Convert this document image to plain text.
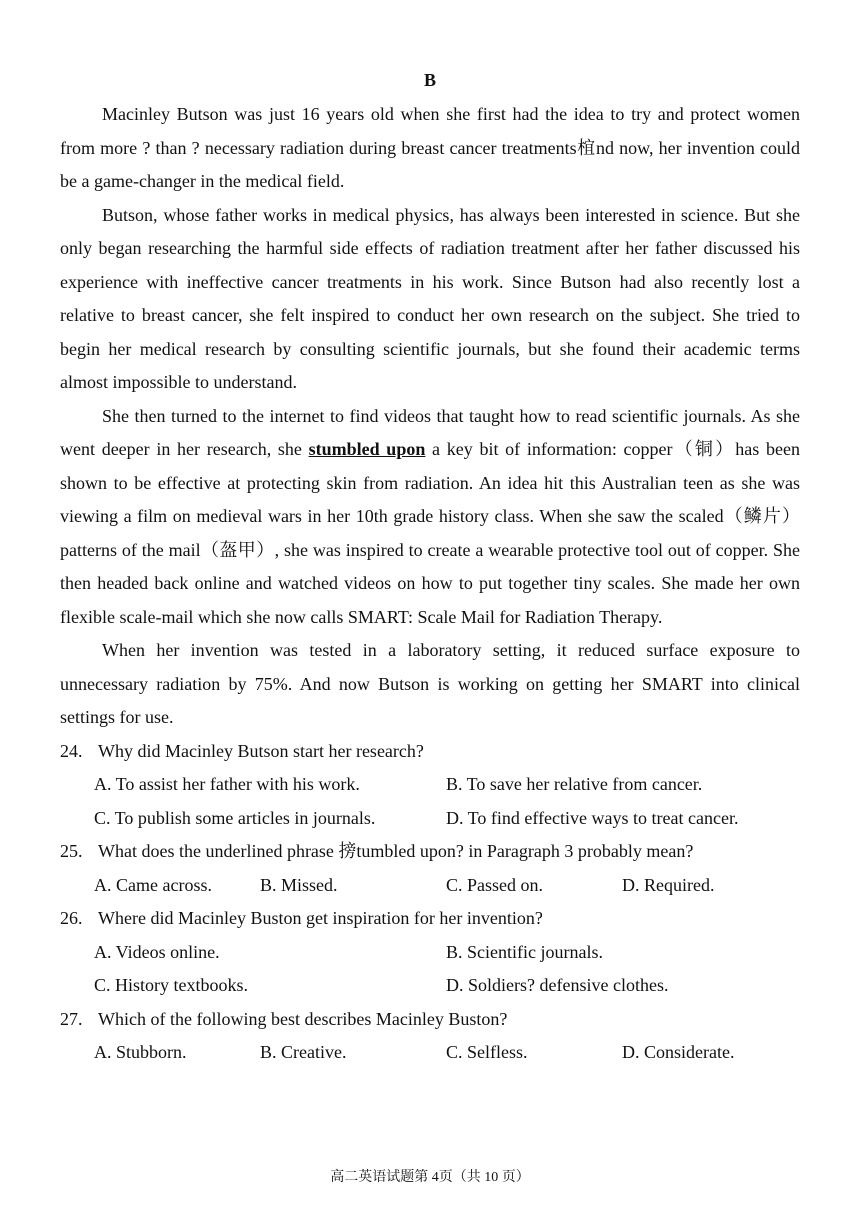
B

Macinley Butson was just 16 years old when she first had the idea to try and protect women from more ? than ? necessary radiation during breast cancer treatments椬nd now, her invention could be a game-changer in the medical field.

Butson, whose father works in medical physics, has always been interested in science. But she only began researching the harmful side effects of radiation treatment after her father discussed his experience with ineffective cancer treatments in his work. Since Butson had also recently lost a relative to breast cancer, she felt inspired to conduct her own research on the subject. She tried to begin her medical research by consulting scientific journals, but she found their academic terms almost impossible to understand.

She then turned to the internet to find videos that taught how to read scientific journals. As she went deeper in her research, she stumbled upon a key bit of information: copper（铜）has been shown to be effective at protecting skin from radiation. An idea hit this Australian teen as she was viewing a film on medieval wars in her 10th grade history class. When she saw the scaled（鳞片）patterns of the mail（盔甲）, she was inspired to create a wearable protective tool out of copper. She then headed back online and watched videos on how to put together tiny scales. She made her own flexible scale-mail which she now calls SMART: Scale Mail for Radiation Therapy.

When her invention was tested in a laboratory setting, it reduced surface exposure to unnecessary radiation by 75%. And now Butson is working on getting her SMART into clinical settings for use.

24. Why did Macinley Butson start her research?
A. To assist her father with his work.	B. To save her relative from cancer.
C. To publish some articles in journals.	D. To find effective ways to treat cancer.
25. What does the underlined phrase 搒tumbled upon? in Paragraph 3 probably mean?
A. Came across.	B. Missed.	C. Passed on.	D. Required.
26. Where did Macinley Buston get inspiration for her invention?
A. Videos online.	B. Scientific journals.
C. History textbooks.	D. Soldiers? defensive clothes.
27. Which of the following best describes Macinley Buston?
A. Stubborn.	B. Creative.	C. Selfless.	D. Considerate.
高二英语试题第 4页（共 10 页）
